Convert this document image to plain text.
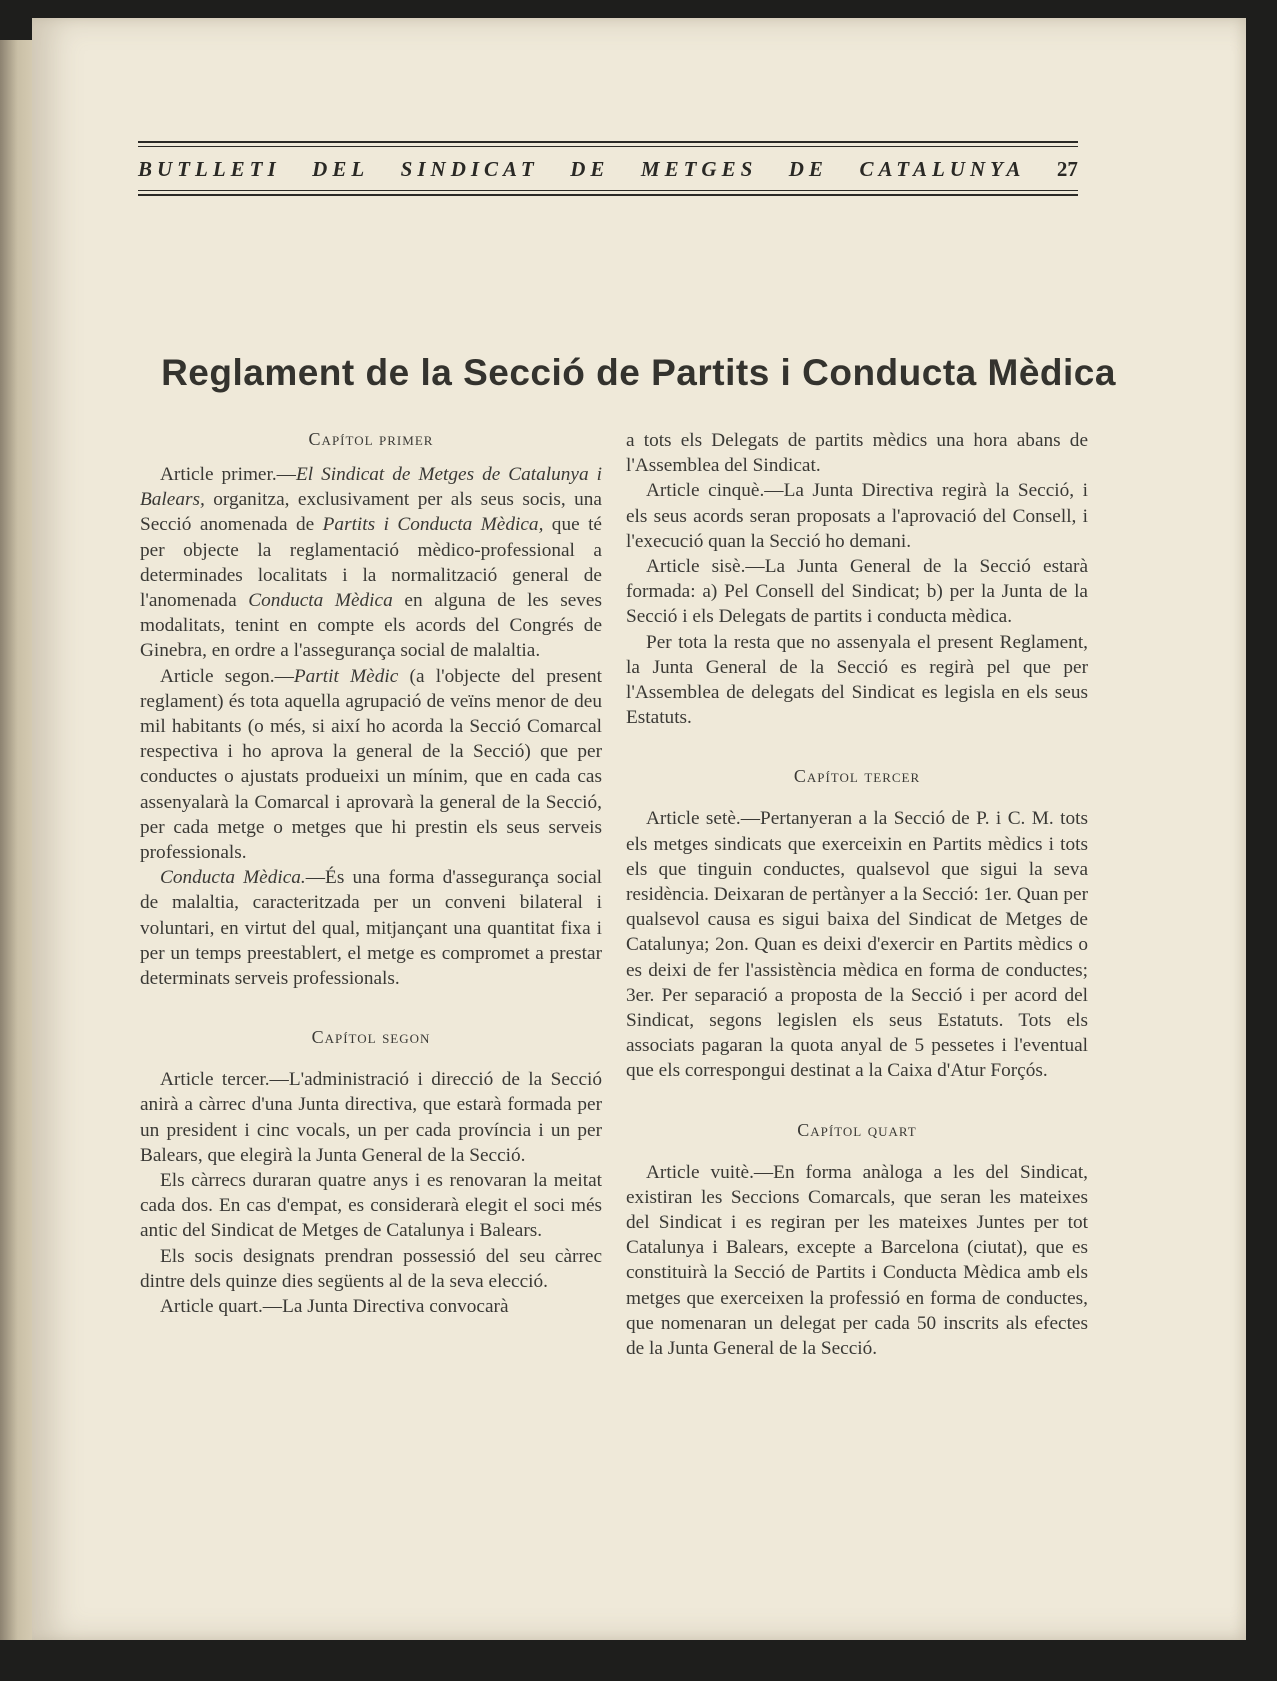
BUTLLETI DEL SINDICAT DE METGES DE CATALUNYA 27
Reglament de la Secció de Partits i Conducta Mèdica
Capítol primer

Article primer.—El Sindicat de Metges de Catalunya i Balears, organitza, exclusivament per als seus socis, una Secció anomenada de Partits i Conducta Mèdica, que té per objecte la reglamentació mèdico-professional a determinades localitats i la normalització general de l'anomenada Conducta Mèdica en alguna de les seves modalitats, tenint en compte els acords del Congrés de Ginebra, en ordre a l'assegurança social de malaltia.

Article segon.—Partit Mèdic (a l'objecte del present reglament) és tota aquella agrupació de veïns menor de deu mil habitants (o més, si així ho acorda la Secció Comarcal respectiva i ho aprova la general de la Secció) que per conductes o ajustats produeixi un mínim, que en cada cas assenyalarà la Comarcal i aprovarà la general de la Secció, per cada metge o metges que hi prestin els seus serveis professionals.

Conducta Mèdica.—És una forma d'assegurança social de malaltia, caracteritzada per un conveni bilateral i voluntari, en virtut del qual, mitjançant una quantitat fixa i per un temps preestablert, el metge es compromet a prestar determinats serveis professionals.

Capítol segon

Article tercer.—L'administració i direcció de la Secció anirà a càrrec d'una Junta directiva, que estarà formada per un president i cinc vocals, un per cada província i un per Balears, que elegirà la Junta General de la Secció.

Els càrrecs duraran quatre anys i es renovaran la meitat cada dos. En cas d'empat, es considerarà elegit el soci més antic del Sindicat de Metges de Catalunya i Balears.

Els socis designats prendran possessió del seu càrrec dintre dels quinze dies següents al de la seva elecció.

Article quart.—La Junta Directiva convocarà

a tots els Delegats de partits mèdics una hora abans de l'Assemblea del Sindicat.

Article cinquè.—La Junta Directiva regirà la Secció, i els seus acords seran proposats a l'aprovació del Consell, i l'execució quan la Secció ho demani.

Article sisè.—La Junta General de la Secció estarà formada: a) Pel Consell del Sindicat; b) per la Junta de la Secció i els Delegats de partits i conducta mèdica.

Per tota la resta que no assenyala el present Reglament, la Junta General de la Secció es regirà pel que per l'Assemblea de delegats del Sindicat es legisla en els seus Estatuts.

Capítol tercer

Article setè.—Pertanyeran a la Secció de P. i C. M. tots els metges sindicats que exerceixin en Partits mèdics i tots els que tinguin conductes, qualsevol que sigui la seva residència. Deixaran de pertànyer a la Secció: 1er. Quan per qualsevol causa es sigui baixa del Sindicat de Metges de Catalunya; 2on. Quan es deixi d'exercir en Partits mèdics o es deixi de fer l'assistència mèdica en forma de conductes; 3er. Per separació a proposta de la Secció i per acord del Sindicat, segons legislen els seus Estatuts. Tots els associats pagaran la quota anyal de 5 pessetes i l'eventual que els correspongui destinat a la Caixa d'Atur Forçós.

Capítol quart

Article vuitè.—En forma anàloga a les del Sindicat, existiran les Seccions Comarcals, que seran les mateixes del Sindicat i es regiran per les mateixes Juntes per tot Catalunya i Balears, excepte a Barcelona (ciutat), que es constituirà la Secció de Partits i Conducta Mèdica amb els metges que exerceixen la professió en forma de conductes, que nomenaran un delegat per cada 50 inscrits als efectes de la Junta General de la Secció.
